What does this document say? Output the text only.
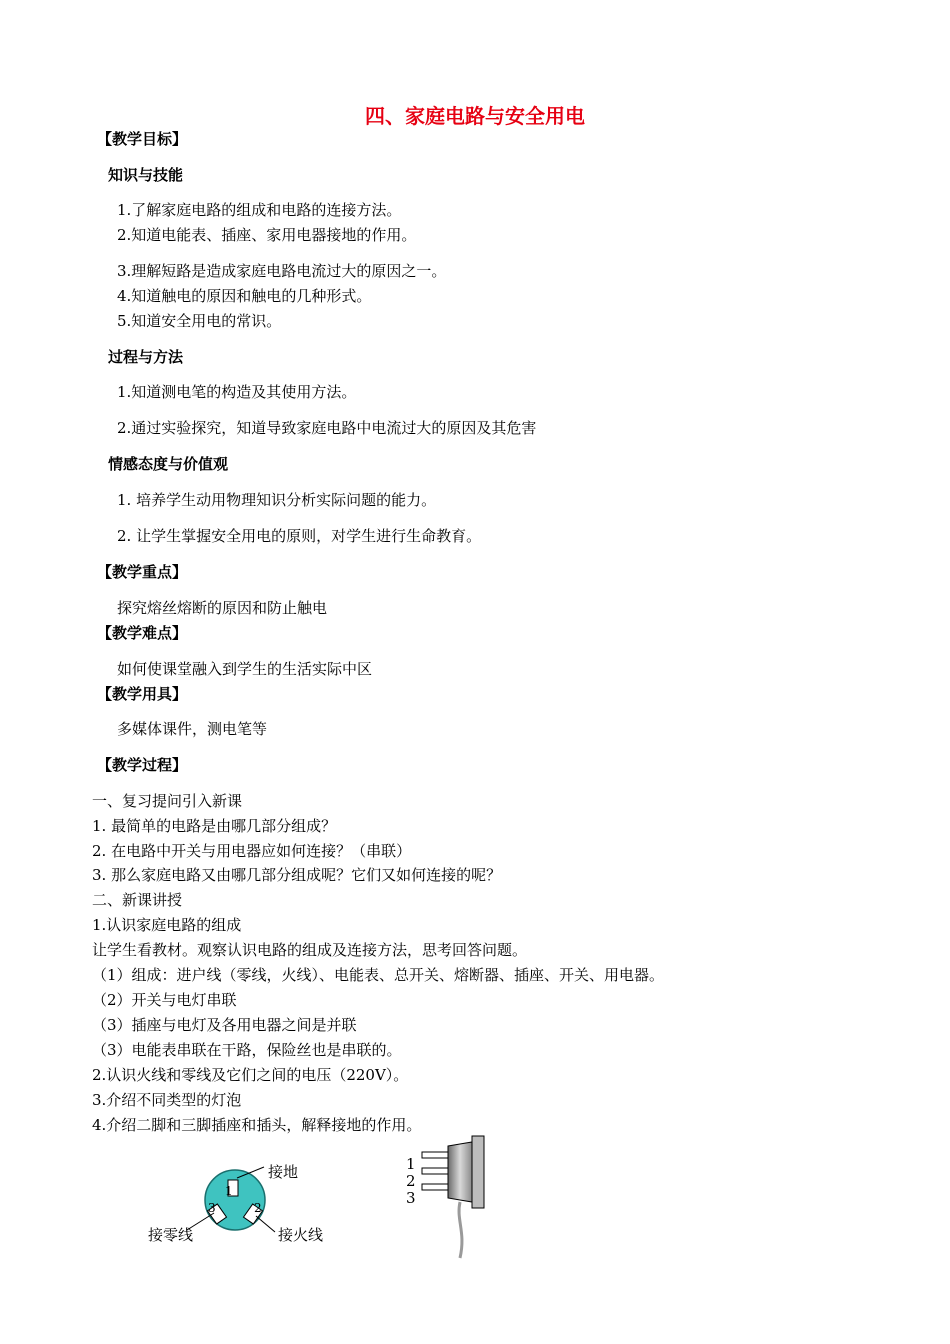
四、家庭电路与安全用电
【教学目标】
知识与技能
1.了解家庭电路的组成和电路的连接方法。
2.知道电能表、插座、家用电器接地的作用。
3.理解短路是造成家庭电路电流过大的原因之一。
4.知道触电的原因和触电的几种形式。
5.知道安全用电的常识。
过程与方法
1.知道测电笔的构造及其使用方法。
2.通过实验探究，知道导致家庭电路中电流过大的原因及其危害
情感态度与价值观
1. 培养学生动用物理知识分析实际问题的能力。
2. 让学生掌握安全用电的原则，对学生进行生命教育。
【教学重点】
探究熔丝熔断的原因和防止触电
【教学难点】
如何使课堂融入到学生的生活实际中区
【教学用具】
多媒体课件，测电笔等
【教学过程】
一、复习提问引入新课
1. 最简单的电路是由哪几部分组成？
2. 在电路中开关与用电器应如何连接？（串联）
3. 那么家庭电路又由哪几部分组成呢？它们又如何连接的呢？
二、新课讲授
1.认识家庭电路的组成
让学生看教材。观察认识电路的组成及连接方法，思考回答问题。
（1）组成：进户线（零线，火线）、电能表、总开关、熔断器、插座、开关、用电器。
（2）开关与电灯串联
（3）插座与电灯及各用电器之间是并联
（3）电能表串联在干路，保险丝也是串联的。
2.认识火线和零线及它们之间的电压（220V）。
3.介绍不同类型的灯泡
4.介绍二脚和三脚插座和插头，解释接地的作用。
1
3	2
接地
接零线	接火线
1
2
3
